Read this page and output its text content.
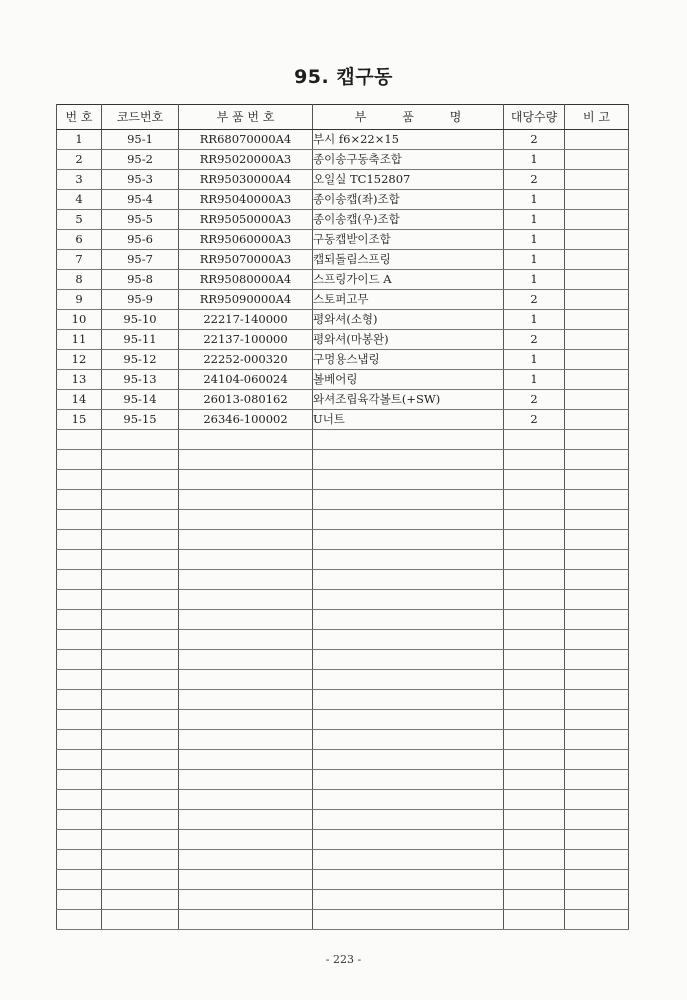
95. 캡구동
번 호	코드번호	부 품 번 호	부　　　품　　　명	대당수량	비 고
1	95-1	RR68070000A4	부시 f6×22×15	2	
2	95-2	RR95020000A3	종이송구동축조합	1	
3	95-3	RR95030000A4	오일실 TC152807	2	
4	95-4	RR95040000A3	종이송캡(좌)조합	1	
5	95-5	RR95050000A3	종이송캡(우)조합	1	
6	95-6	RR95060000A3	구동캡받이조합	1	
7	95-7	RR95070000A3	캡되돌림스프링	1	
8	95-8	RR95080000A4	스프링가이드 A	1	
9	95-9	RR95090000A4	스토퍼고무	2	
10	95-10	22217-140000	평와셔(소형)	1	
11	95-11	22137-100000	평와셔(마봉완)	2	
12	95-12	22252-000320	구멍용스냅링	1	
13	95-13	24104-060024	볼베어링	1	
14	95-14	26013-080162	와셔조립육각볼트(+SW)	2	
15	95-15	26346-100002	U너트	2	

- 223 -
